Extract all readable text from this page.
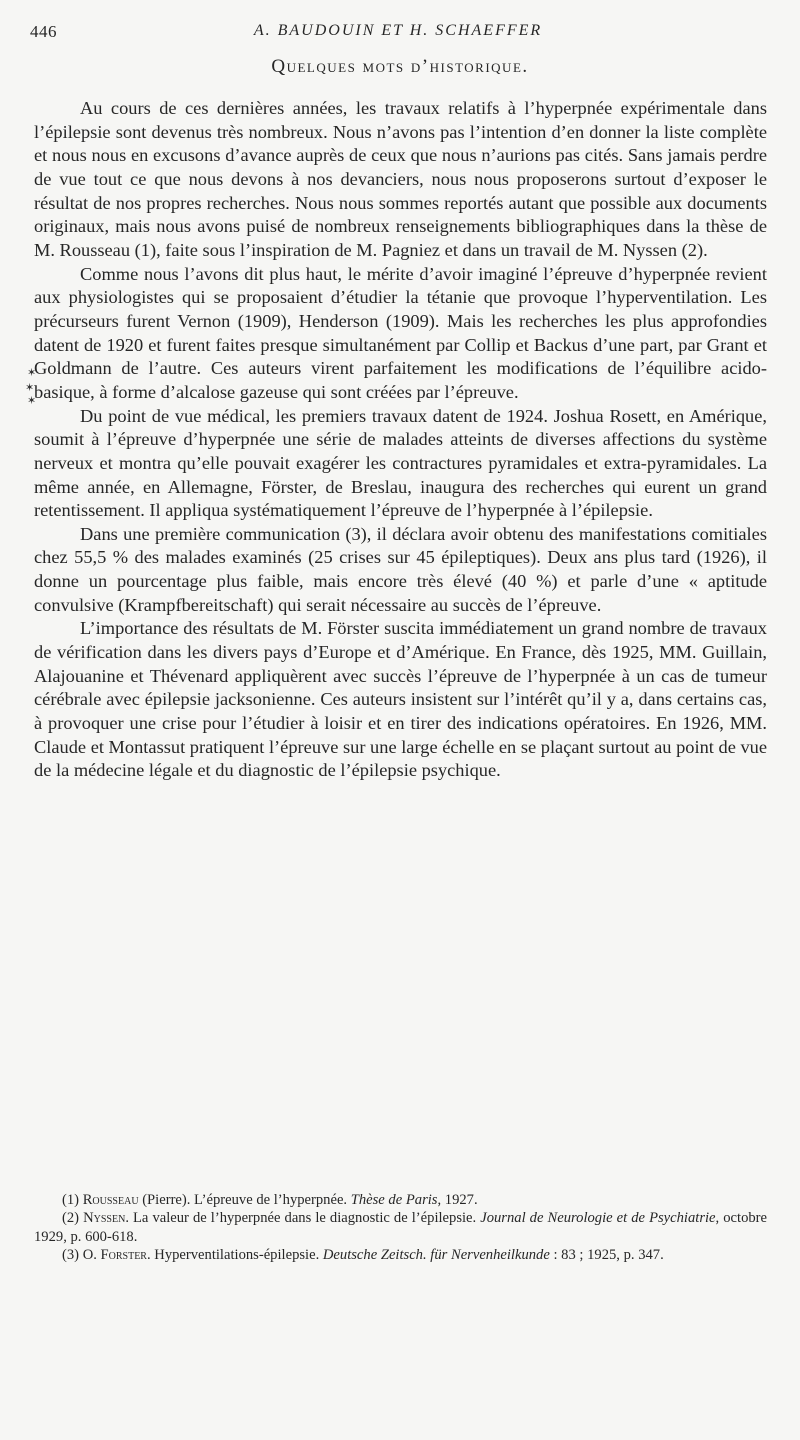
446	A. BAUDOUIN ET H. SCHAEFFER
Quelques mots d’historique.
✶
✶
✶

Au cours de ces dernières années, les travaux relatifs à l’hyperpnée expérimentale dans l’épilepsie sont devenus très nombreux. Nous n’avons pas l’intention d’en donner la liste complète et nous nous en excusons d’avance auprès de ceux que nous n’aurions pas cités. Sans jamais perdre de vue tout ce que nous devons à nos devanciers, nous nous proposerons surtout d’exposer le résultat de nos propres recherches. Nous nous sommes reportés autant que possible aux documents originaux, mais nous avons puisé de nombreux renseignements bibliographiques dans la thèse de M. Rousseau (1), faite sous l’inspiration de M. Pagniez et dans un travail de M. Nyssen (2).

Comme nous l’avons dit plus haut, le mérite d’avoir imaginé l’épreuve d’hyperpnée revient aux physiologistes qui se proposaient d’étudier la tétanie que provoque l’hyperventilation. Les précurseurs furent Vernon (1909), Henderson (1909). Mais les recherches les plus approfondies datent de 1920 et furent faites presque simultanément par Collip et Backus d’une part, par Grant et Goldmann de l’autre. Ces auteurs virent parfaitement les modifications de l’équilibre acido-basique, à forme d’alcalose gazeuse qui sont créées par l’épreuve.

Du point de vue médical, les premiers travaux datent de 1924. Joshua Rosett, en Amérique, soumit à l’épreuve d’hyperpnée une série de malades atteints de diverses affections du système nerveux et montra qu’elle pouvait exagérer les contractures pyramidales et extra-pyramidales. La même année, en Allemagne, Förster, de Breslau, inaugura des recherches qui eurent un grand retentissement. Il appliqua systématiquement l’épreuve de l’hyperpnée à l’épilepsie.

Dans une première communication (3), il déclara avoir obtenu des manifestations comitiales chez 55,5 % des malades examinés (25 crises sur 45 épileptiques). Deux ans plus tard (1926), il donne un pourcentage plus faible, mais encore très élevé (40 %) et parle d’une « aptitude convulsive (Krampfbereitschaft) qui serait nécessaire au succès de l’épreuve.

L’importance des résultats de M. Förster suscita immédiatement un grand nombre de travaux de vérification dans les divers pays d’Europe et d’Amérique. En France, dès 1925, MM. Guillain, Alajouanine et Thévenard appliquèrent avec succès l’épreuve de l’hyperpnée à un cas de tumeur cérébrale avec épilepsie jacksonienne. Ces auteurs insistent sur l’intérêt qu’il y a, dans certains cas, à provoquer une crise pour l’étudier à loisir et en tirer des indications opératoires. En 1926, MM. Claude et Montassut pratiquent l’épreuve sur une large échelle en se plaçant surtout au point de vue de la médecine légale et du diagnostic de l’épilepsie psychique.

(1) Rousseau (Pierre). L’épreuve de l’hyperpnée. Thèse de Paris, 1927.

(2) Nyssen. La valeur de l’hyperpnée dans le diagnostic de l’épilepsie. Journal de Neurologie et de Psychiatrie, octobre 1929, p. 600-618.

(3) O. Forster. Hyperventilations-épilepsie. Deutsche Zeitsch. für Nervenheilkunde : 83 ; 1925, p. 347.
